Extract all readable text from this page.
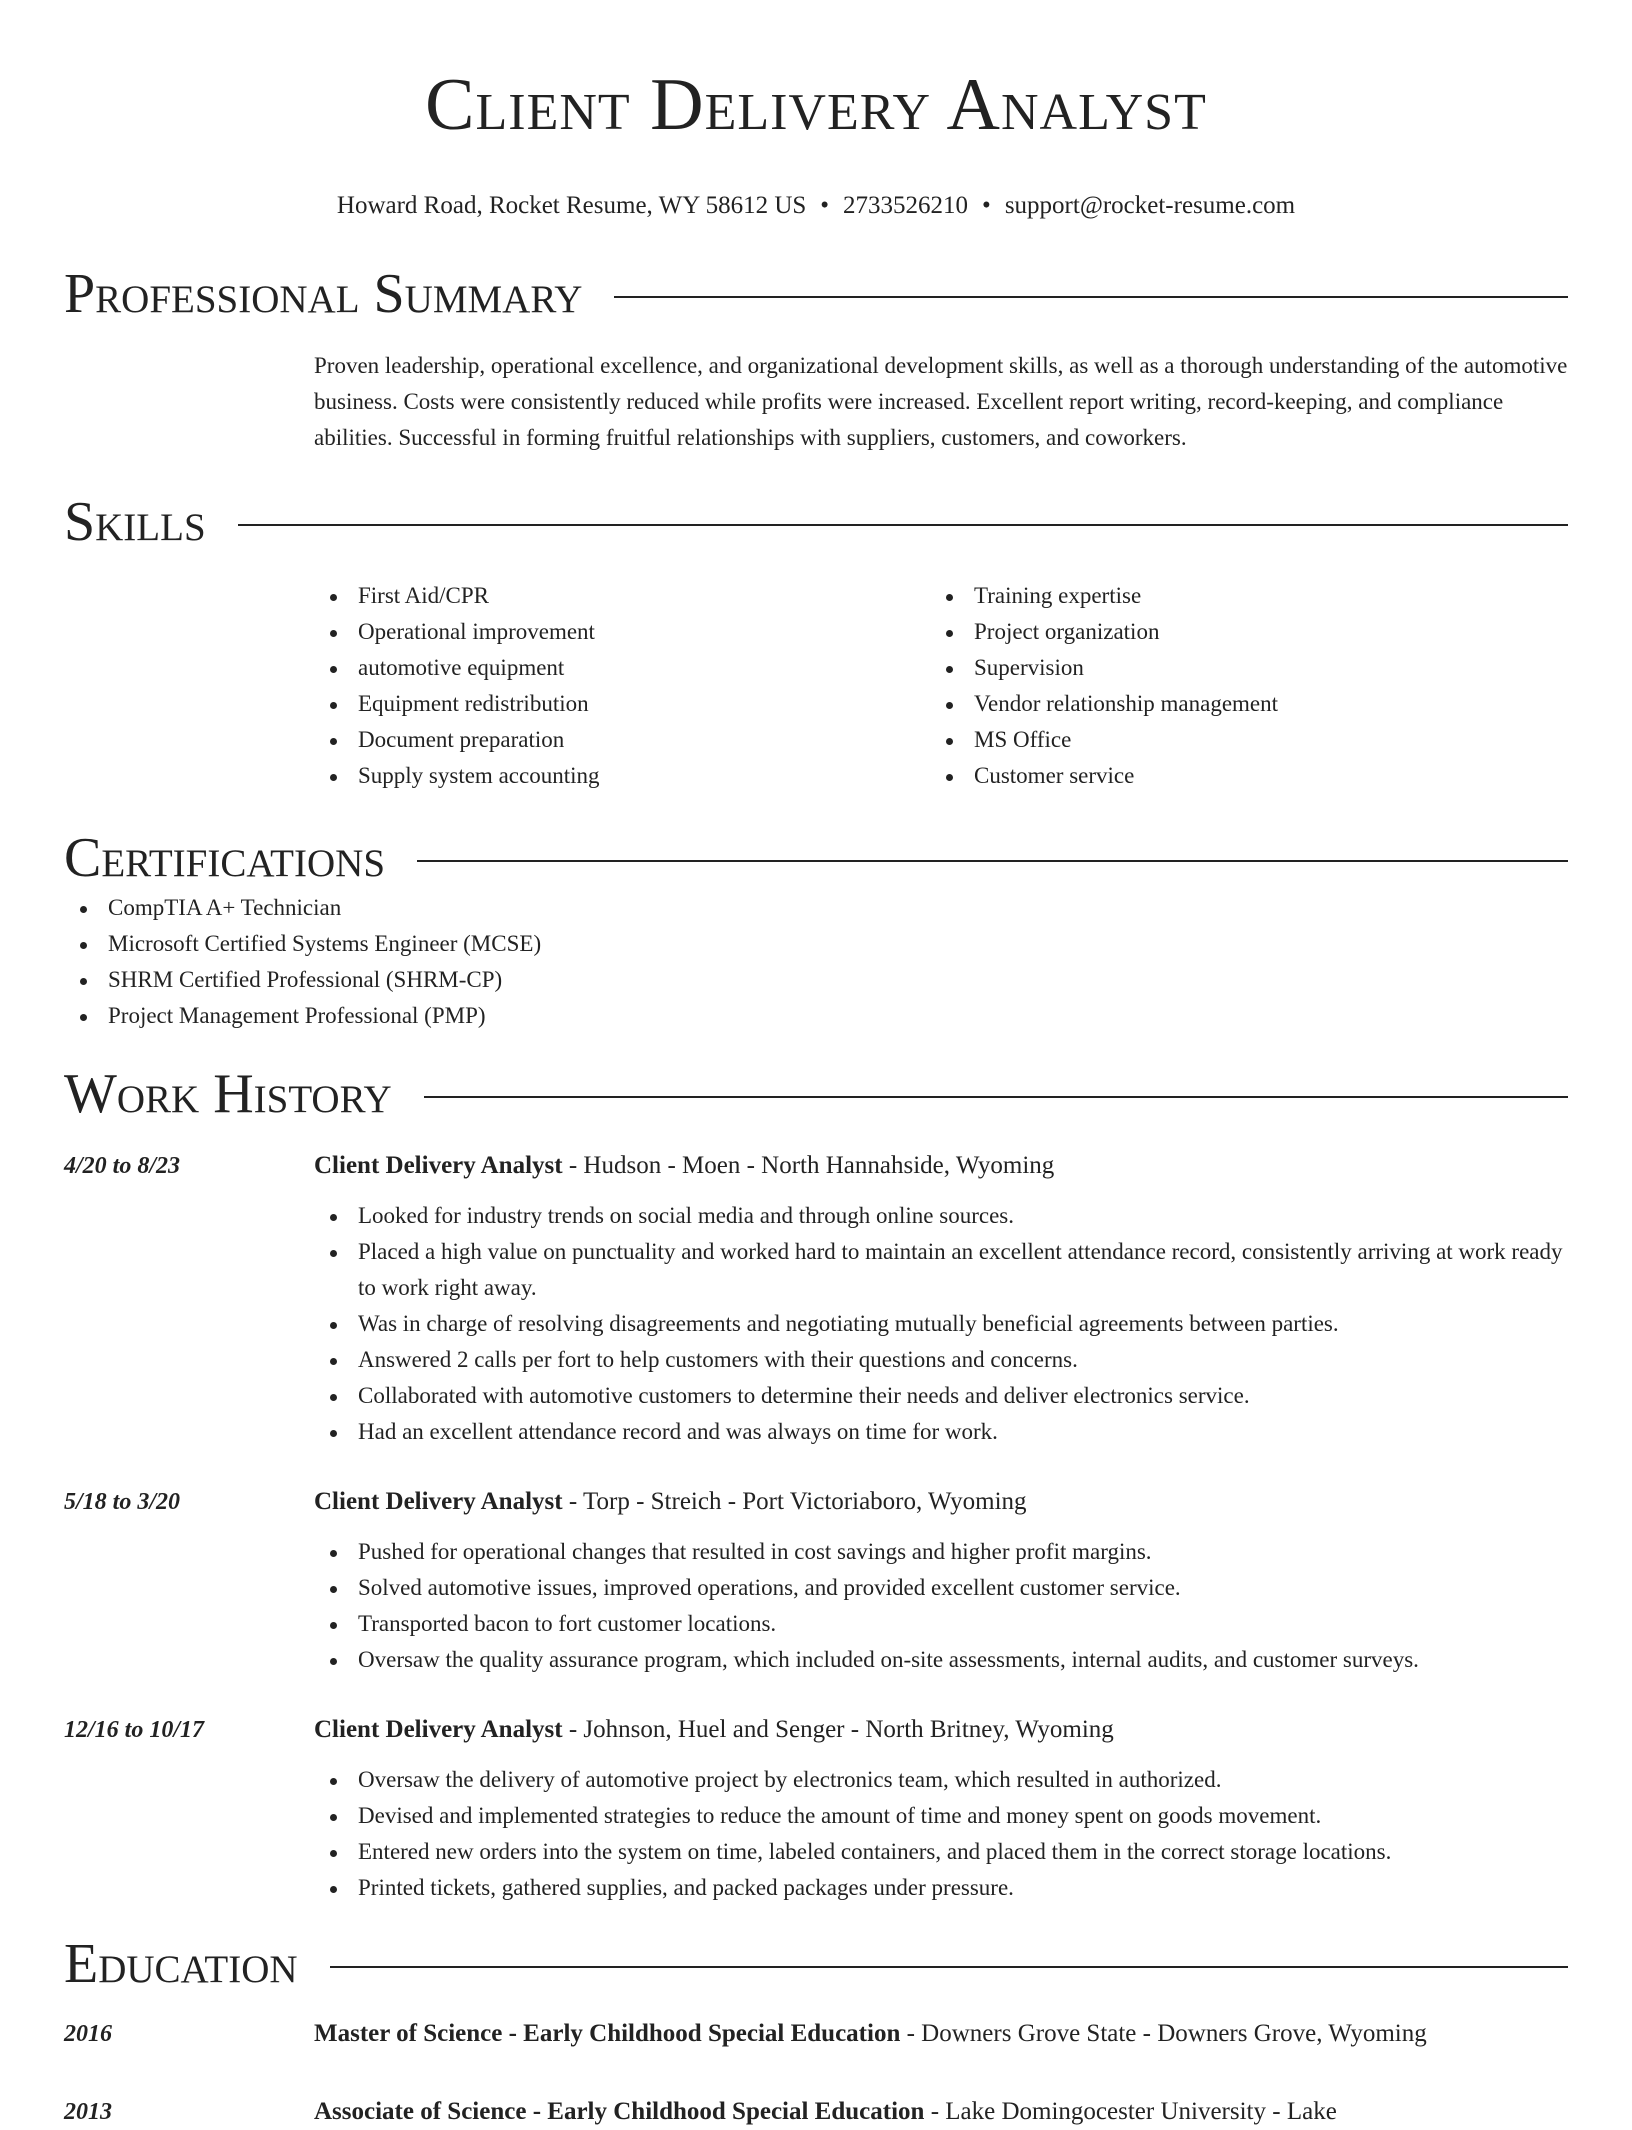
Client Delivery Analyst
Howard Road, Rocket Resume, WY 58612 US • 2733526210 • support@rocket-resume.com
Professional Summary

Proven leadership, operational excellence, and organizational development skills, as well as a thorough understanding of the automotive business. Costs were consistently reduced while profits were increased. Excellent report writing, record-keeping, and compliance abilities. Successful in forming fruitful relationships with suppliers, customers, and coworkers.

Skills
First Aid/CPR
Operational improvement
automotive equipment
Equipment redistribution
Document preparation
Supply system accounting
Training expertise
Project organization
Supervision
Vendor relationship management
MS Office
Customer service
Certifications
CompTIA A+ Technician
Microsoft Certified Systems Engineer (MCSE)
SHRM Certified Professional (SHRM-CP)
Project Management Professional (PMP)
Work History
4/20 to 8/23	Client Delivery Analyst - Hudson - Moen - North Hannahside, Wyoming
Looked for industry trends on social media and through online sources.
Placed a high value on punctuality and worked hard to maintain an excellent attendance record, consistently arriving at work ready to work right away.
Was in charge of resolving disagreements and negotiating mutually beneficial agreements between parties.
Answered 2 calls per fort to help customers with their questions and concerns.
Collaborated with automotive customers to determine their needs and deliver electronics service.
Had an excellent attendance record and was always on time for work.
5/18 to 3/20	Client Delivery Analyst - Torp - Streich - Port Victoriaboro, Wyoming
Pushed for operational changes that resulted in cost savings and higher profit margins.
Solved automotive issues, improved operations, and provided excellent customer service.
Transported bacon to fort customer locations.
Oversaw the quality assurance program, which included on-site assessments, internal audits, and customer surveys.
12/16 to 10/17	Client Delivery Analyst - Johnson, Huel and Senger - North Britney, Wyoming
Oversaw the delivery of automotive project by electronics team, which resulted in authorized.
Devised and implemented strategies to reduce the amount of time and money spent on goods movement.
Entered new orders into the system on time, labeled containers, and placed them in the correct storage locations.
Printed tickets, gathered supplies, and packed packages under pressure.
Education
2016	Master of Science - Early Childhood Special Education - Downers Grove State - Downers Grove, Wyoming
2013	Associate of Science - Early Childhood Special Education - Lake Domingocester University - Lake
